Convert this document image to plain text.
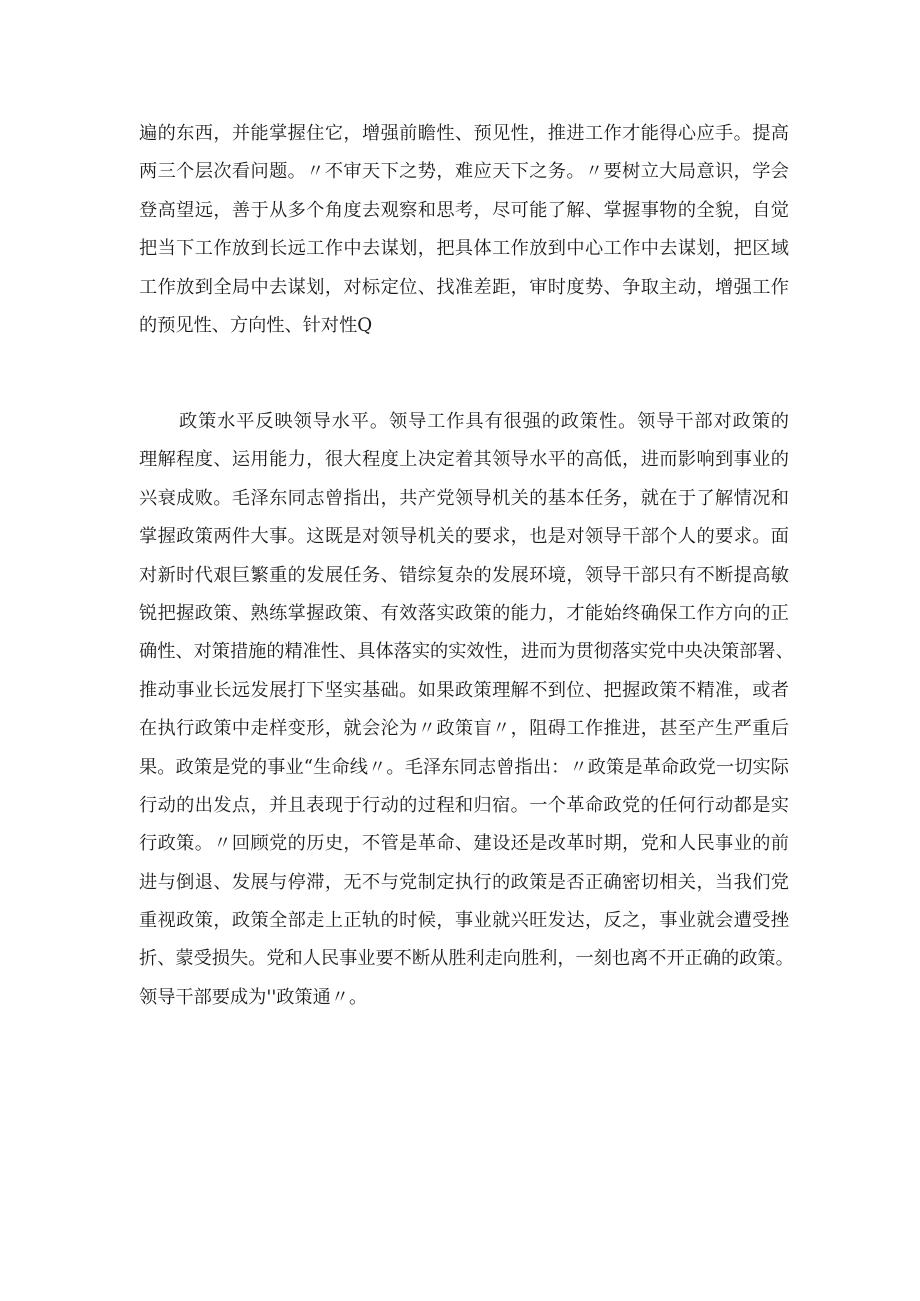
遍的东西，并能掌握住它，增强前瞻性、预见性，推进工作才能得心应手。提高
两三个层次看问题。〃不审天下之势，难应天下之务。〃要树立大局意识，学会
登高望远，善于从多个角度去观察和思考，尽可能了解、掌握事物的全貌，自觉
把当下工作放到长远工作中去谋划，把具体工作放到中心工作中去谋划，把区域
工作放到全局中去谋划，对标定位、找准差距，审时度势、争取主动，增强工作
的预见性、方向性、针对性Q
政策水平反映领导水平。领导工作具有很强的政策性。领导干部对政策的
理解程度、运用能力，很大程度上决定着其领导水平的高低，进而影响到事业的
兴衰成败。毛泽东同志曾指出，共产党领导机关的基本任务，就在于了解情况和
掌握政策两件大事。这既是对领导机关的要求，也是对领导干部个人的要求。面
对新时代艰巨繁重的发展任务、错综复杂的发展环境，领导干部只有不断提高敏
锐把握政策、熟练掌握政策、有效落实政策的能力，才能始终确保工作方向的正
确性、对策措施的精准性、具体落实的实效性，进而为贯彻落实党中央决策部署、
推动事业长远发展打下坚实基础。如果政策理解不到位、把握政策不精准，或者
在执行政策中走样变形，就会沦为〃政策盲〃，阻碍工作推进，甚至产生严重后
果。政策是党的事业“生命线〃。毛泽东同志曾指出：〃政策是革命政党一切实际
行动的出发点，并且表现于行动的过程和归宿。一个革命政党的任何行动都是实
行政策。〃回顾党的历史，不管是革命、建设还是改革时期，党和人民事业的前
进与倒退、发展与停滞，无不与党制定执行的政策是否正确密切相关，当我们党
重视政策，政策全部走上正轨的时候，事业就兴旺发达，反之，事业就会遭受挫
折、蒙受损失。党和人民事业要不断从胜利走向胜利，一刻也离不开正确的政策。
领导干部要成为''政策通〃。
